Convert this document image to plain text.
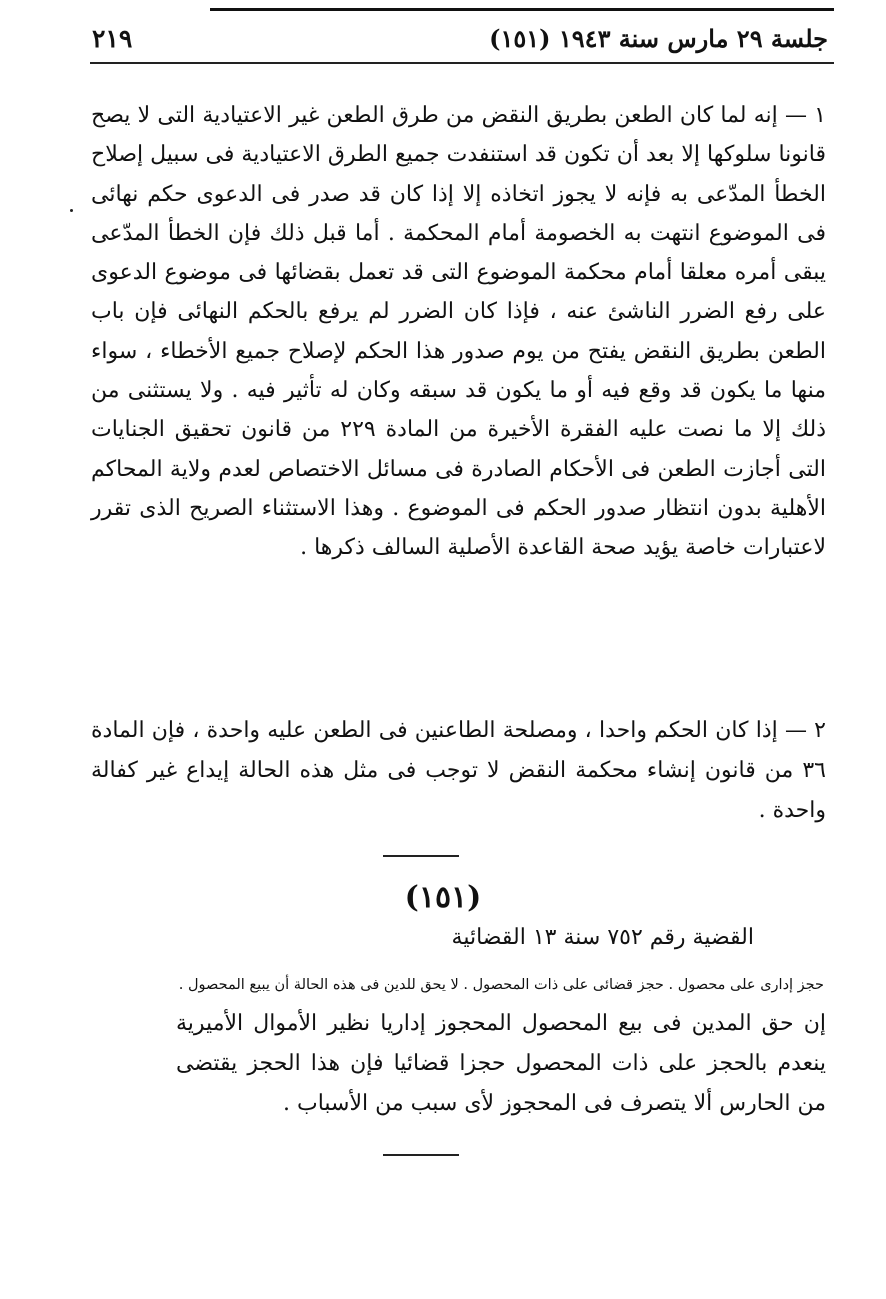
جلسة ٢٩ مارس سنة ١٩٤٣ (١٥١)
٢١٩

١ — إنه لما كان الطعن بطريق النقض من طرق الطعن غير الاعتيادية التى لا يصح قانونا سلوكها إلا بعد أن تكون قد استنفدت جميع الطرق الاعتيادية فى سبيل إصلاح الخطأ المدّعى به فإنه لا يجوز اتخاذه إلا إذا كان قد صدر فى الدعوى حكم نهائى فى الموضوع انتهت به الخصومة أمام المحكمة . أما قبل ذلك فإن الخطأ المدّعى يبقى أمره معلقا أمام محكمة الموضوع التى قد تعمل بقضائها فى موضوع الدعوى على رفع الضرر الناشئ عنه ، فإذا كان الضرر لم يرفع بالحكم النهائى فإن باب الطعن بطريق النقض يفتح من يوم صدور هذا الحكم لإصلاح جميع الأخطاء ، سواء منها ما يكون قد وقع فيه أو ما يكون قد سبقه وكان له تأثير فيه . ولا يستثنى من ذلك إلا ما نصت عليه الفقرة الأخيرة من المادة ٢٢٩ من قانون تحقيق الجنايات التى أجازت الطعن فى الأحكام الصادرة فى مسائل الاختصاص لعدم ولاية المحاكم الأهلية بدون انتظار صدور الحكم فى الموضوع . وهذا الاستثناء الصريح الذى تقرر لاعتبارات خاصة يؤيد صحة القاعدة الأصلية السالف ذكرها .

٢ — إذا كان الحكم واحدا ، ومصلحة الطاعنين فى الطعن عليه واحدة ، فإن المادة ٣٦ من قانون إنشاء محكمة النقض لا توجب فى مثل هذه الحالة إيداع غير كفالة واحدة .

(١٥١)
القضية رقم ٧٥٢ سنة ١٣ القضائية
حجز إدارى على محصول . حجز قضائى على ذات المحصول . لا يحق للدين فى هذه الحالة أن يبيع المحصول .

إن حق المدين فى بيع المحصول المحجوز إداريا نظير الأموال الأميرية ينعدم بالحجز على ذات المحصول حجزا قضائيا فإن هذا الحجز يقتضى من الحارس ألا يتصرف فى المحجوز لأى سبب من الأسباب .
